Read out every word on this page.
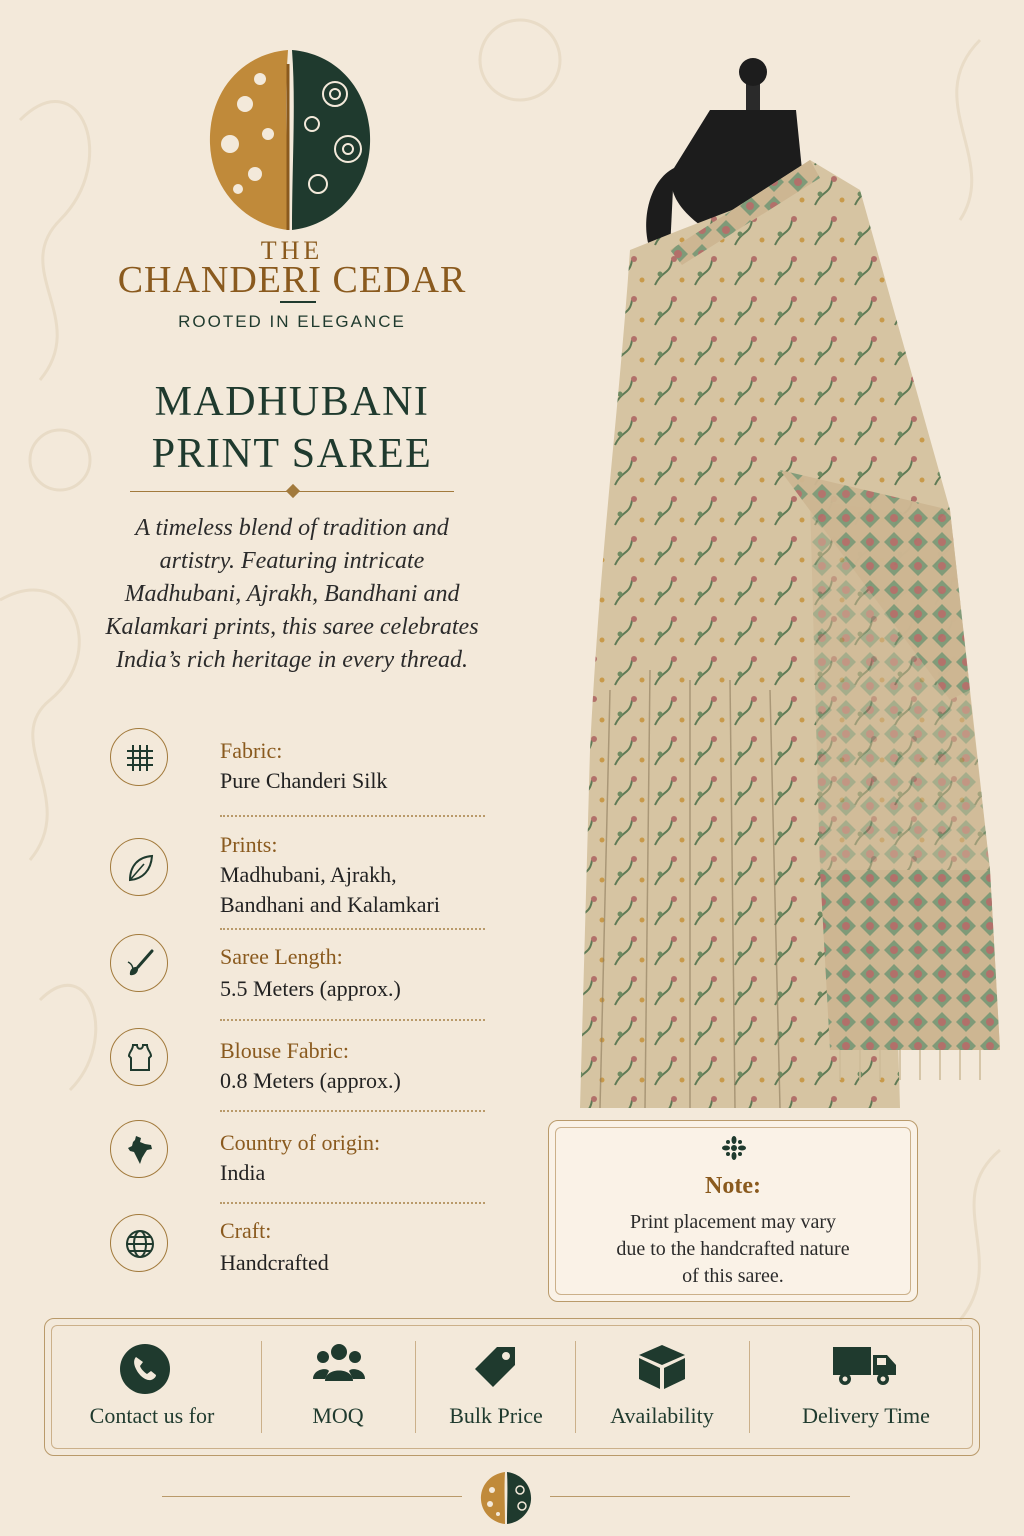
THE
CHANDERI CEDAR
ROOTED IN ELEGANCE
MADHUBANI
PRINT SAREE
A timeless blend of tradition and artistry. Featuring intricate Madhubani, Ajrakh, Bandhani and Kalamkari prints, this saree celebrates India’s rich heritage in every thread.
Fabric:
Pure Chanderi Silk
Prints:
Madhubani, Ajrakh,
Bandhani and Kalamkari
Saree Length:
5.5 Meters (approx.)
Blouse Fabric:
0.8 Meters (approx.)
Country of origin:
India
Craft:
Handcrafted
Note:
Print placement may vary
due to the handcrafted nature
of this saree.
Contact us for	MOQ	Bulk Price	Availability	Delivery Time
